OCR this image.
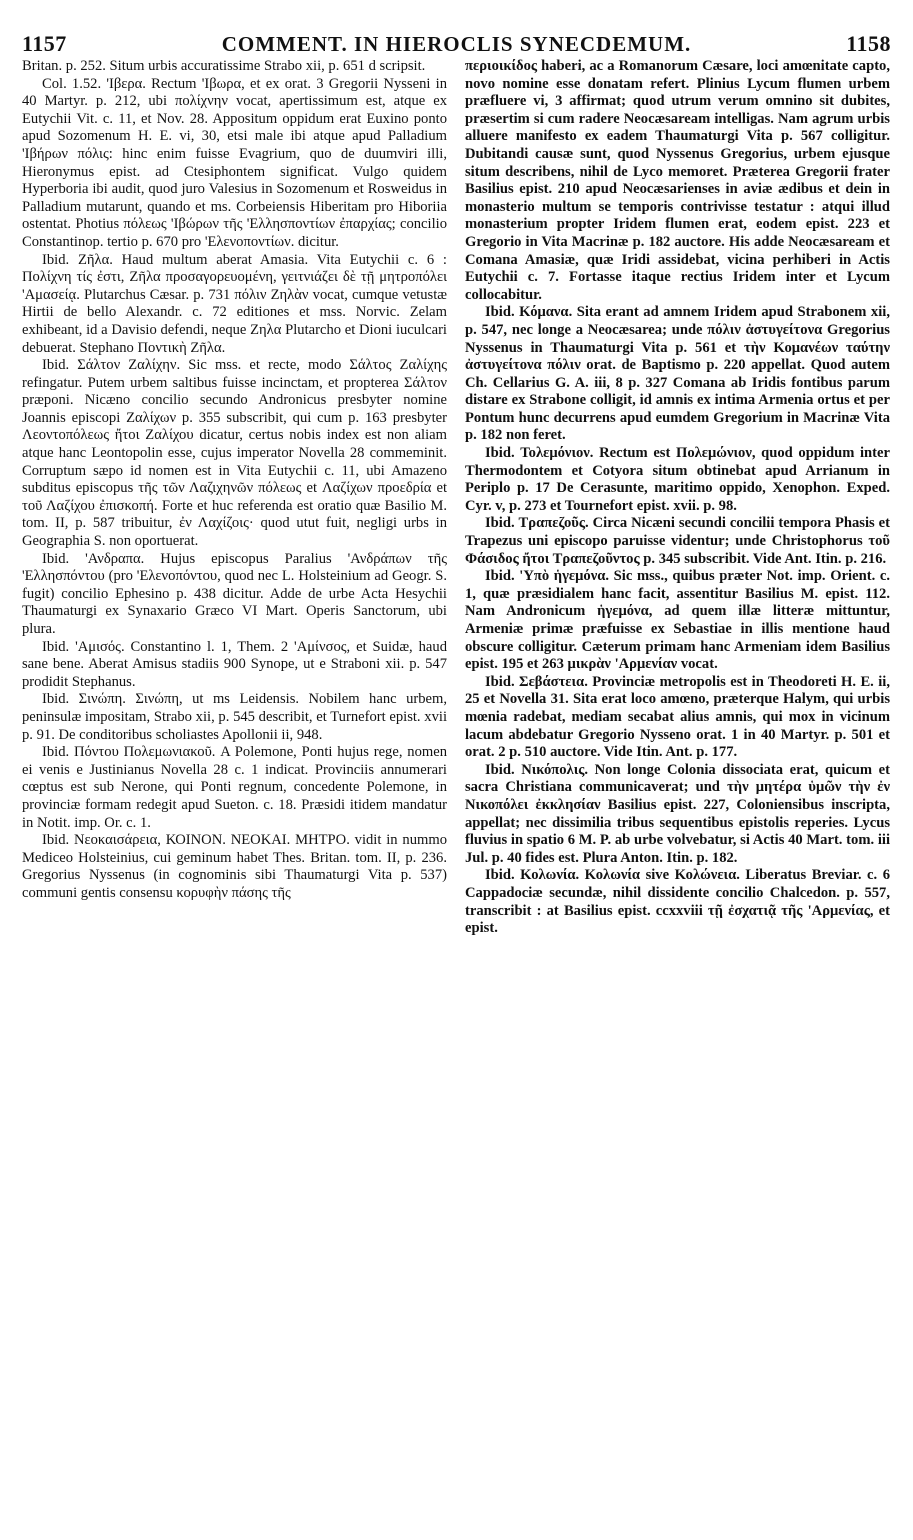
1157	COMMENT. IN HIEROCLIS SYNECDEMUM.	1158

Britan. p. 252. Situm urbis accuratissime Strabo xii, p. 651 d scripsit.

Col. 1.52. 'Ιβερα. Rectum 'Ιβωρα, et ex orat. 3 Gregorii Nysseni in 40 Martyr. p. 212, ubi πολίχνην vocat, apertissimum est, atque ex Eutychii Vit. c. 11, et Nov. 28. Appositum oppidum erat Euxino ponto apud Sozomenum H. E. vi, 30, etsi male ibi atque apud Palladium 'Ιβήρων πόλις: hinc enim fuisse Evagrium, quo de duumviri illi, Hieronymus epist. ad Ctesiphontem significat. Vulgo quidem Hyperboria ibi audit, quod juro Valesius in Sozomenum et Rosweidus in Palladium mutarunt, quando et ms. Corbeiensis Hiberitam pro Hiboriia ostentat. Photius πόλεως 'Ιβώρων τῆς 'Ελλησποντίων ἐπαρχίας; concilio Constantinop. tertio p. 670 pro 'Ελενοποντίων. dicitur.

Ibid. Ζῆλα. Haud multum aberat Amasia. Vita Eutychii c. 6 : Πολίχνη τίς ἐστι, Ζῆλα προσαγορευομένη, γειτνιάζει δὲ τῇ μητροπόλει 'Αμασείᾳ. Plutarchus Cæsar. p. 731 πόλιν Ζηλὰν vocat, cumque vetustæ Hirtii de bello Alexandr. c. 72 editiones et mss. Norvic. Zelam exhibeant, id a Davisio defendi, neque Ζηλα Plutarcho et Dioni iuculcari debuerat. Stephano Ποντικὴ Ζῆλα.

Ibid. Σάλτον Ζαλίχην. Sic mss. et recte, modo Σάλτος Ζαλίχης refingatur. Putem urbem saltibus fuisse incinctam, et propterea Σάλτον præponi. Nicæno concilio secundo Andronicus presbyter nomine Joannis episcopi Ζαλίχων p. 355 subscribit, qui cum p. 163 presbyter Λεοντοπόλεως ἤτοι Ζαλίχου dicatur, certus nobis index est non aliam atque hanc Leontopolin esse, cujus imperator Novella 28 commeminit. Corruptum sæpo id nomen est in Vita Eutychii c. 11, ubi Amazeno subditus episcopus τῆς τῶν Λαζιχηνῶν πόλεως et Λαζίχων προεδρία et τοῦ Λαζίχου ἐπισκοπή. Forte et huc referenda est oratio quæ Basilio M. tom. II, p. 587 tribuitur, ἐν Λαχίζοις· quod utut fuit, negligi urbs in Geographia S. non oportuerat.

Ibid. 'Ανδραπα. Hujus episcopus Paralius 'Ανδράπων τῆς 'Ελλησπόντου (pro 'Ελενοπόντου, quod nec L. Holsteinium ad Geogr. S. fugit) concilio Ephesino p. 438 dicitur. Adde de urbe Acta Hesychii Thaumaturgi ex Synaxario Græco VI Mart. Operis Sanctorum, ubi plura.

Ibid. 'Αμισός. Constantino l. 1, Them. 2 'Αμίνσος, et Suidæ, haud sane bene. Aberat Amisus stadiis 900 Synope, ut e Straboni xii. p. 547 prodidit Stephanus.

Ibid. Σινώπη. Σινώπη, ut ms Leidensis. Nobilem hanc urbem, peninsulæ impositam, Strabo xii, p. 545 describit, et Turnefort epist. xvii p. 91. De conditoribus scholiastes Apollonii ii, 948.

Ibid. Πόντου Πολεμωνιακοῦ. A Polemone, Ponti hujus rege, nomen ei venis e Justinianus Novella 28 c. 1 indicat. Provinciis annumerari cœptus est sub Nerone, qui Ponti regnum, concedente Polemone, in provinciæ formam redegit apud Sueton. c. 18. Præsidi itidem mandatur in Notit. imp. Or. c. 1.

Ibid. Νεοκαισάρεια, ΚΟΙΝΟΝ. ΝΕΟΚΑΙ. ΜΗΤΡΟ. vidit in nummo Mediceo Holsteinius, cui geminum habet Thes. Britan. tom. II, p. 236. Gregorius Nyssenus (in cognominis sibi Thaumaturgi Vita p. 537) communi gentis consensu κορυφὴν πάσης τῆς

περιοικίδος haberi, ac a Romanorum Cæsare, loci amœnitate capto, novo nomine esse donatam refert. Plinius Lycum flumen urbem præfluere vi, 3 affirmat; quod utrum verum omnino sit dubites, præsertim si cum radere Neocæsaream intelligas. Nam agrum urbis alluere manifesto ex eadem Thaumaturgi Vita p. 567 colligitur. Dubitandi causæ sunt, quod Nyssenus Gregorius, urbem ejusque situm describens, nihil de Lyco memoret. Præterea Gregorii frater Basilius epist. 210 apud Neocæsarienses in aviæ ædibus et dein in monasterio multum se temporis contrivisse testatur : atqui illud monasterium propter Iridem flumen erat, eodem epist. 223 et Gregorio in Vita Macrinæ p. 182 auctore. His adde Neocæsaream et Comana Amasiæ, quæ Iridi assidebat, vicina perhiberi in Actis Eutychii c. 7. Fortasse itaque rectius Iridem inter et Lycum collocabitur.

Ibid. Κόμανα. Sita erant ad amnem Iridem apud Strabonem xii, p. 547, nec longe a Neocæsarea; unde πόλιν ἀστυγείτονα Gregorius Nyssenus in Thaumaturgi Vita p. 561 et τὴν Κομανέων ταύτην ἀστυγείτονα πόλιν orat. de Baptismo p. 220 appellat. Quod autem Ch. Cellarius G. A. iii, 8 p. 327 Comana ab Iridis fontibus parum distare ex Strabone colligit, id amnis ex intima Armenia ortus et per Pontum hunc decurrens apud eumdem Gregorium in Macrinæ Vita p. 182 non feret.

Ibid. Τολεμόνιον. Rectum est Πολεμώνιον, quod oppidum inter Thermodontem et Cotyora situm obtinebat apud Arrianum in Periplo p. 17 De Cerasunte, maritimo oppido, Xenophon. Exped. Cyr. v, p. 273 et Tournefort epist. xvii. p. 98.

Ibid. Τραπεζοῦς. Circa Nicæni secundi concilii tempora Phasis et Trapezus uni episcopo paruisse videntur; unde Christophorus τοῦ Φάσιδος ἤτοι Τραπεζοῦντος p. 345 subscribit. Vide Ant. Itin. p. 216.

Ibid. 'Υπὸ ἡγεμόνα. Sic mss., quibus præter Not. imp. Orient. c. 1, quæ præsidialem hanc facit, assentitur Basilius M. epist. 112. Nam Andronicum ἡγεμόνα, ad quem illæ litteræ mittuntur, Armeniæ primæ præfuisse ex Sebastiae in illis mentione haud obscure colligitur. Cæterum primam hanc Armeniam idem Basilius epist. 195 et 263 μικρὰν 'Αρμενίαν vocat.

Ibid. Σεβάστεια. Provinciæ metropolis est in Theodoreti H. E. ii, 25 et Novella 31. Sita erat loco amœno, præterque Halym, qui urbis mœnia radebat, mediam secabat alius amnis, qui mox in vicinum lacum abdebatur Gregorio Nysseno orat. 1 in 40 Martyr. p. 501 et orat. 2 p. 510 auctore. Vide Itin. Ant. p. 177.

Ibid. Νικόπολις. Non longe Colonia dissociata erat, quicum et sacra Christiana communicaverat; und τὴν μητέρα ὑμῶν τὴν ἐν Νικοπόλει ἐκκλησίαν Basilius epist. 227, Coloniensibus inscripta, appellat; nec dissimilia tribus sequentibus epistolis reperies. Lycus fluvius in spatio 6 M. P. ab urbe volvebatur, si Actis 40 Mart. tom. iii Jul. p. 40 fides est. Plura Anton. Itin. p. 182.

Ibid. Κολωνία. Κολωνία sive Κολώνεια. Liberatus Breviar. c. 6 Cappadociæ secundæ, nihil dissidente concilio Chalcedon. p. 557, transcribit : at Basilius epist. ccxxviii τῇ ἐσχατιᾷ τῆς 'Αρμενίας, et epist.
